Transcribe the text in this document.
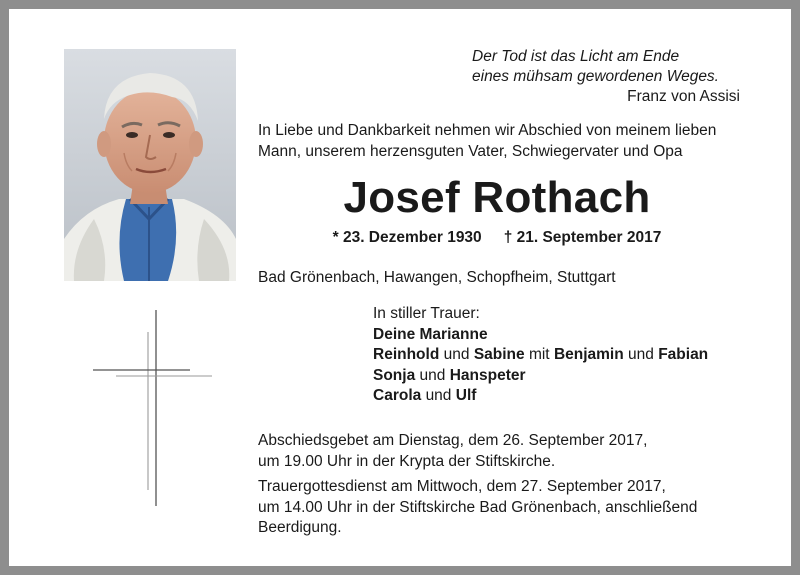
Der Tod ist das Licht am Ende
eines mühsam gewordenen Weges.
Franz von Assisi
In Liebe und Dankbarkeit nehmen wir Abschied von meinem lieben
Mann, unserem herzensguten Vater, Schwiegervater und Opa
Josef Rothach
* 23. Dezember 1930 † 21. September 2017
Bad Grönenbach, Hawangen, Schopfheim, Stuttgart
In stiller Trauer:
Deine Marianne
Reinhold und Sabine mit Benjamin und Fabian
Sonja und Hanspeter
Carola und Ulf

Abschiedsgebet am Dienstag, dem 26. September 2017,
um 19.00 Uhr in der Krypta der Stiftskirche.

Trauergottesdienst am Mittwoch, dem 27. September 2017,
um 14.00 Uhr in der Stiftskirche Bad Grönenbach, anschließend
Beerdigung.
